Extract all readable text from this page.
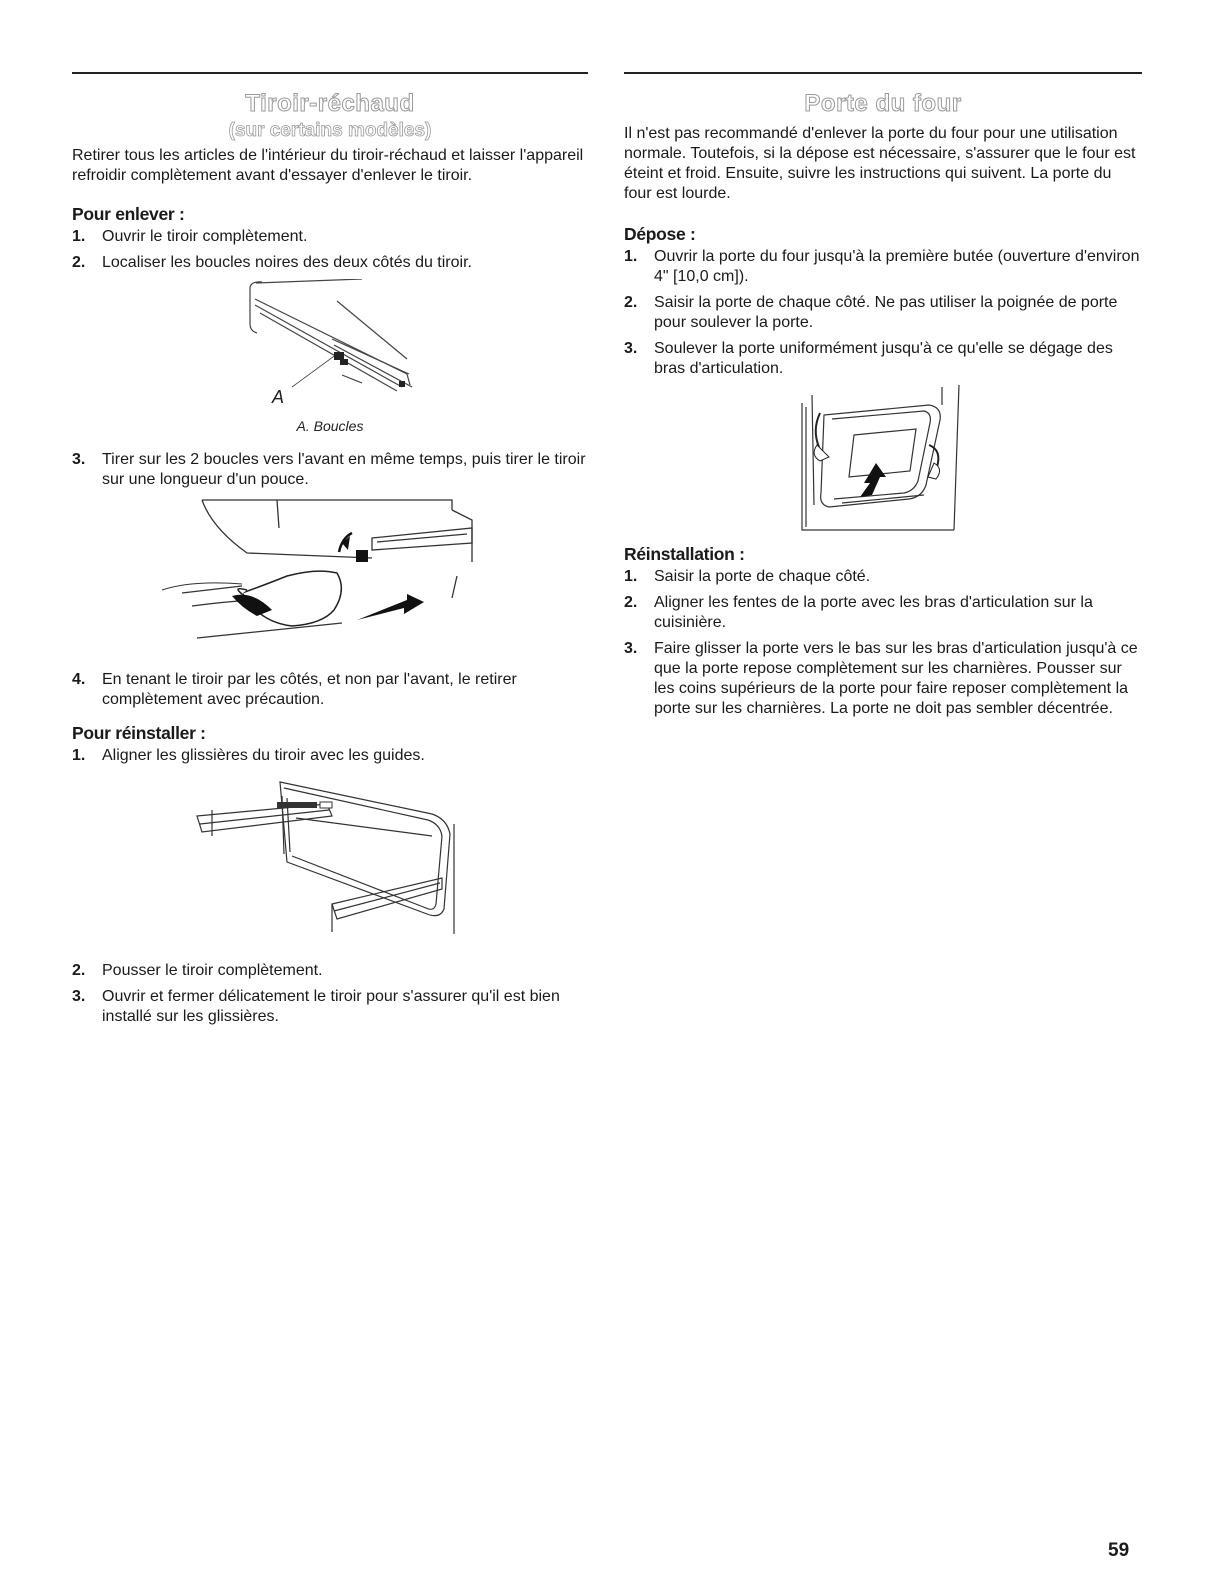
Tiroir-réchaud
(sur certains modèles)

Retirer tous les articles de l'intérieur du tiroir-réchaud et laisser l'appareil refroidir complètement avant d'essayer d'enlever le tiroir.

Pour enlever :
1.	Ouvrir le tiroir complètement.
2.	Localiser les boucles noires des deux côtés du tiroir.
A
A. Boucles
3.	Tirer sur les 2 boucles vers l'avant en même temps, puis tirer le tiroir sur une longueur d'un pouce.
4.	En tenant le tiroir par les côtés, et non par l'avant, le retirer complètement avec précaution.
Pour réinstaller :
1.	Aligner les glissières du tiroir avec les guides.
2.	Pousser le tiroir complètement.
3.	Ouvrir et fermer délicatement le tiroir pour s'assurer qu'il est bien installé sur les glissières.
Porte du four

Il n'est pas recommandé d'enlever la porte du four pour une utilisation normale. Toutefois, si la dépose est nécessaire, s'assurer que le four est éteint et froid. Ensuite, suivre les instructions qui suivent. La porte du four est lourde.

Dépose :
1.	Ouvrir la porte du four jusqu'à la première butée (ouverture d'environ 4" [10,0 cm]).
2.	Saisir la porte de chaque côté. Ne pas utiliser la poignée de porte pour soulever la porte.
3.	Soulever la porte uniformément jusqu'à ce qu'elle se dégage des bras d'articulation.
Réinstallation :
1.	Saisir la porte de chaque côté.
2.	Aligner les fentes de la porte avec les bras d'articulation sur la cuisinière.
3.	Faire glisser la porte vers le bas sur les bras d'articulation jusqu'à ce que la porte repose complètement sur les charnières. Pousser sur les coins supérieurs de la porte pour faire reposer complètement la porte sur les charnières. La porte ne doit pas sembler décentrée.
59
